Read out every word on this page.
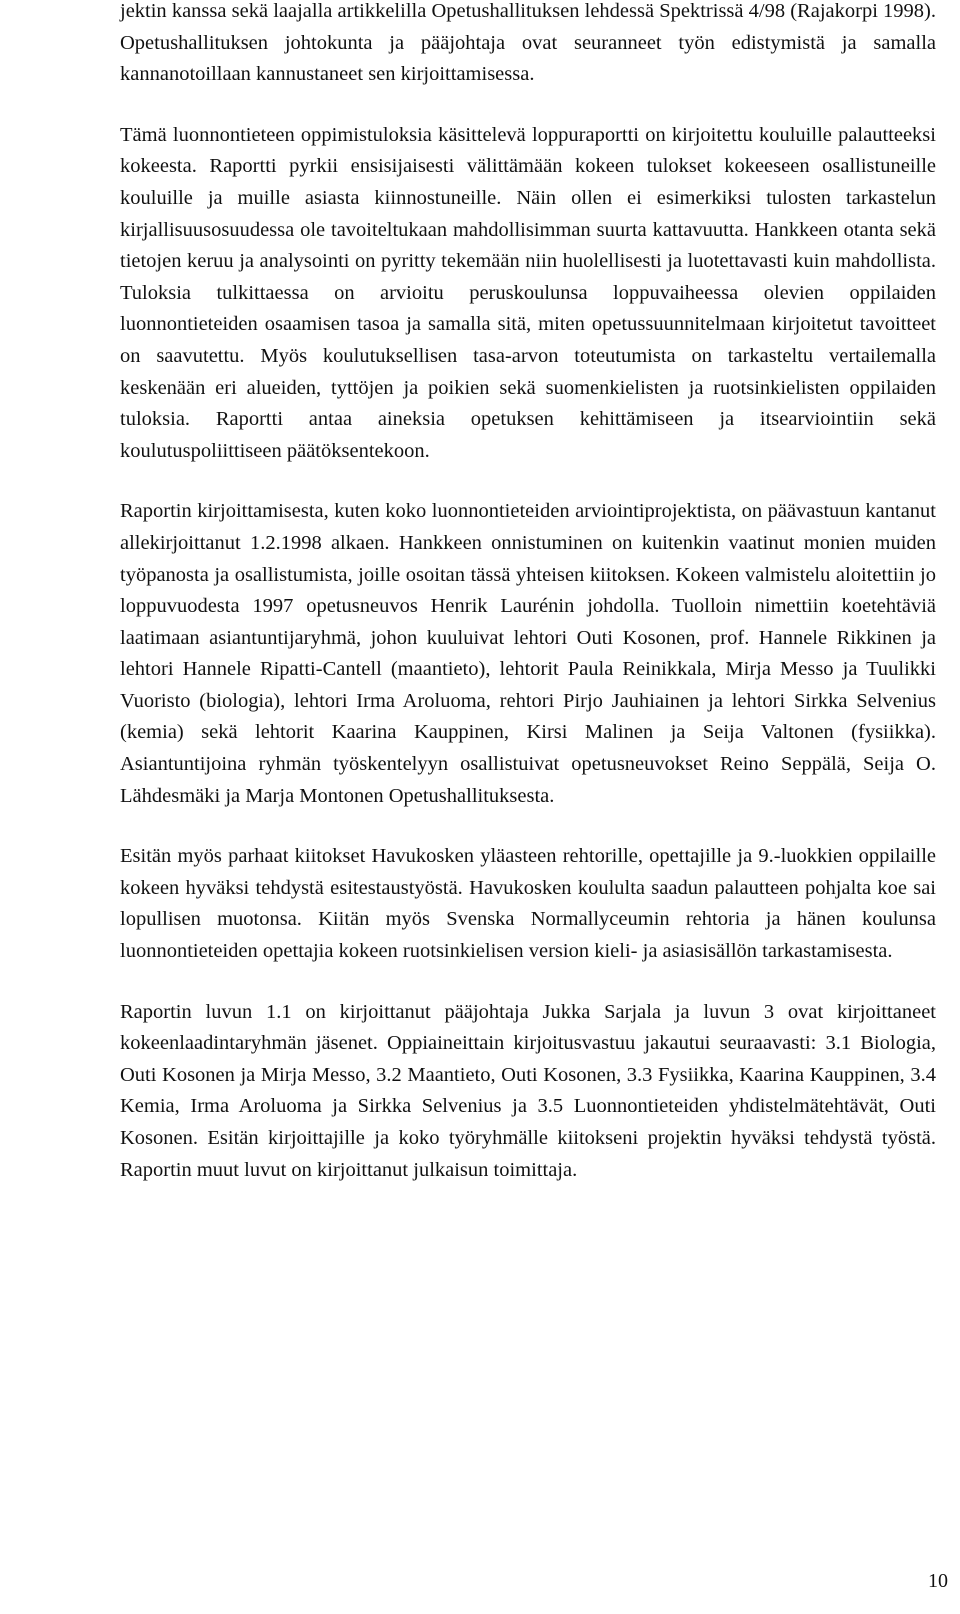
jektin kanssa sekä laajalla artikkelilla Opetushallituksen lehdessä Spektrissä 4/98 (Rajakorpi 1998). Opetushallituksen johtokunta ja pääjohtaja ovat seuranneet työn edistymistä ja samalla kannanotoillaan kannustaneet sen kirjoittamisessa.

Tämä luonnontieteen oppimistuloksia käsittelevä loppuraportti on kirjoitettu kouluille palautteeksi kokeesta. Raportti pyrkii ensisijaisesti välittämään kokeen tulokset kokeeseen osallistuneille kouluille ja muille asiasta kiinnostuneille. Näin ollen ei esimerkiksi tulosten tarkastelun kirjallisuusosuudessa ole tavoiteltukaan mahdollisimman suurta kattavuutta. Hankkeen otanta sekä tietojen keruu ja analysointi on pyritty tekemään niin huolellisesti ja luotettavasti kuin mahdollista. Tuloksia tulkittaessa on arvioitu peruskoulunsa loppuvaiheessa olevien oppilaiden luonnontieteiden osaamisen tasoa ja samalla sitä, miten opetussuunnitelmaan kirjoitetut tavoitteet on saavutettu. Myös koulutuksellisen tasa-arvon toteutumista on tarkasteltu vertailemalla keskenään eri alueiden, tyttöjen ja poikien sekä suomenkielisten ja ruotsinkielisten oppilaiden tuloksia. Raportti antaa aineksia opetuksen kehittämiseen ja itsearviointiin sekä koulutuspoliittiseen päätöksentekoon.

Raportin kirjoittamisesta, kuten koko luonnontieteiden arviointiprojektista, on päävastuun kantanut allekirjoittanut 1.2.1998 alkaen. Hankkeen onnistuminen on kuitenkin vaatinut monien muiden työpanosta ja osallistumista, joille osoitan tässä yhteisen kiitoksen. Kokeen valmistelu aloitettiin jo loppuvuodesta 1997 opetusneuvos Henrik Laurénin johdolla. Tuolloin nimettiin koetehtäviä laatimaan asiantuntijaryhmä, johon kuuluivat lehtori Outi Kosonen, prof. Hannele Rikkinen ja lehtori Hannele Ripatti-Cantell (maantieto), lehtorit Paula Reinikkala, Mirja Messo ja Tuulikki Vuoristo (biologia), lehtori Irma Aroluoma, rehtori Pirjo Jauhiainen ja lehtori Sirkka Selvenius (kemia) sekä lehtorit Kaarina Kauppinen, Kirsi Malinen ja Seija Valtonen (fysiikka). Asiantuntijoina ryhmän työskentelyyn osallistuivat opetusneuvokset Reino Seppälä, Seija O. Lähdesmäki ja Marja Montonen Opetushallituksesta.

Esitän myös parhaat kiitokset Havukosken yläasteen rehtorille, opettajille ja 9.-luokkien oppilaille kokeen hyväksi tehdystä esitestaustyöstä. Havukosken koululta saadun palautteen pohjalta koe sai lopullisen muotonsa. Kiitän myös Svenska Normallyceumin rehtoria ja hänen koulunsa luonnontieteiden opettajia kokeen ruotsinkielisen version kieli- ja asiasisällön tarkastamisesta.

Raportin luvun 1.1 on kirjoittanut pääjohtaja Jukka Sarjala ja luvun 3 ovat kirjoittaneet kokeenlaadintaryhmän jäsenet. Oppiaineittain kirjoitusvastuu jakautui seuraavasti: 3.1 Biologia, Outi Kosonen ja Mirja Messo, 3.2 Maantieto, Outi Kosonen, 3.3 Fysiikka, Kaarina Kauppinen, 3.4 Kemia, Irma Aroluoma ja Sirkka Selvenius ja 3.5 Luonnontieteiden yhdistelmätehtävät, Outi Kosonen. Esitän kirjoittajille ja koko työryhmälle kiitokseni projektin hyväksi tehdystä työstä. Raportin muut luvut on kirjoittanut julkaisun toimittaja.

10
